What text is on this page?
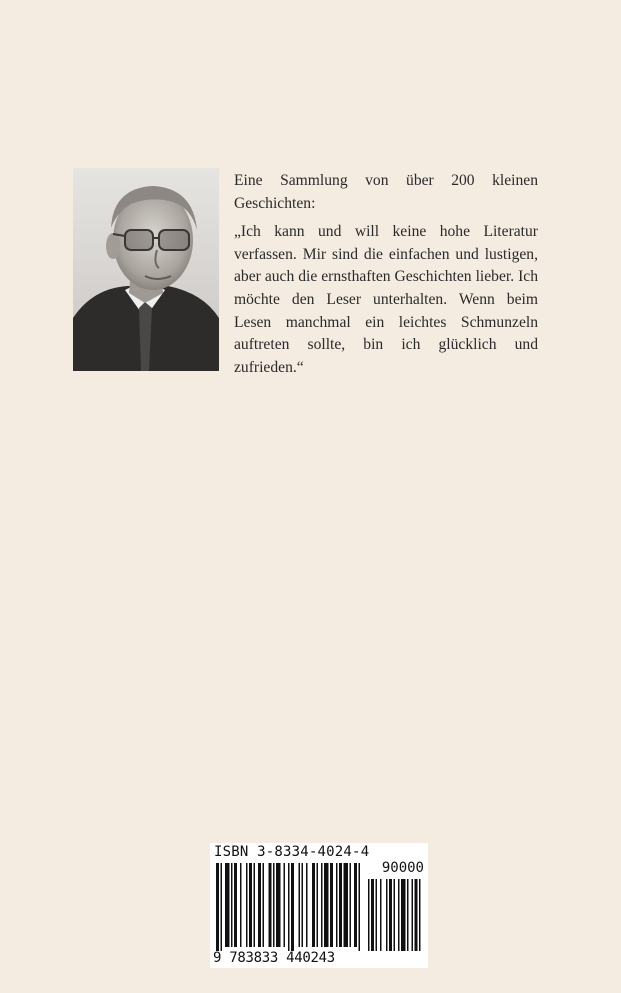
Eine Sammlung von über 200 kleinen Geschichten:

„Ich kann und will keine hohe Literatur verfassen. Mir sind die einfachen und lustigen, aber auch die ernsthaften Geschichten lieber. Ich möchte den Leser unterhalten. Wenn beim Lesen manchmal ein leichtes Schmunzeln auftreten sollte, bin ich glücklich und zufrieden.“

ISBN 3-8334-4024-4
90000
9 783833 440243
